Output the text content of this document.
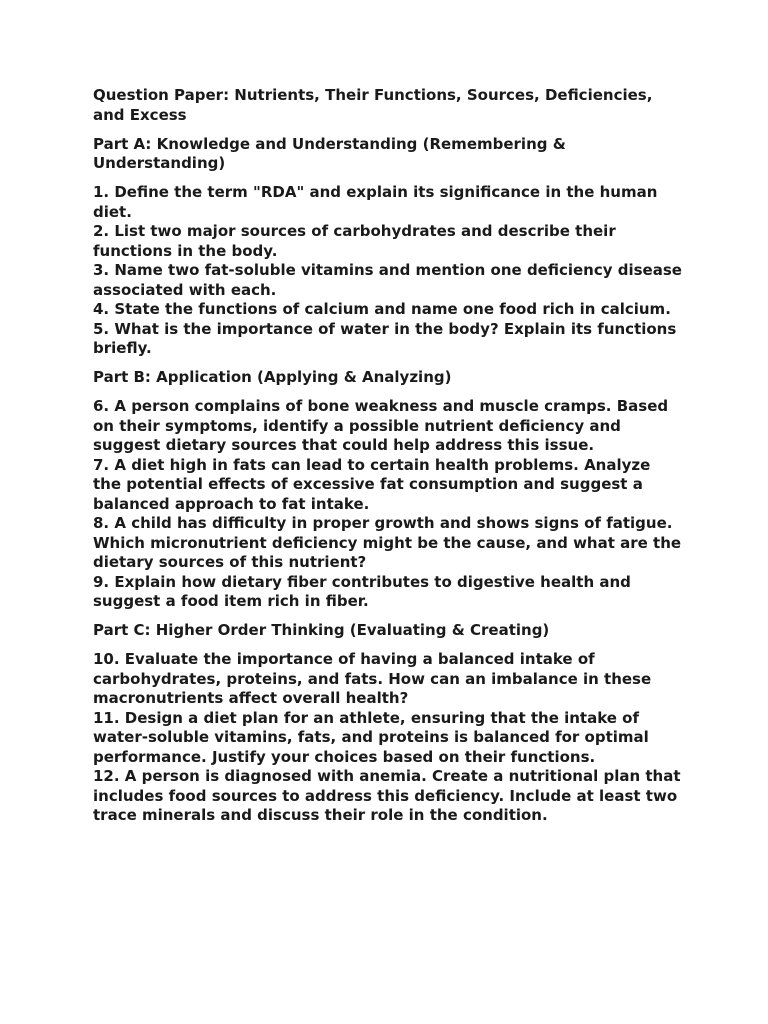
Question Paper: Nutrients, Their Functions, Sources, Deficiencies, and Excess

Part A: Knowledge and Understanding (Remembering & Understanding)

1. Define the term "RDA" and explain its significance in the human diet.
2. List two major sources of carbohydrates and describe their functions in the body.
3. Name two fat-soluble vitamins and mention one deficiency disease associated with each.
4. State the functions of calcium and name one food rich in calcium.
5. What is the importance of water in the body? Explain its functions briefly.

Part B: Application (Applying & Analyzing)

6. A person complains of bone weakness and muscle cramps. Based on their symptoms, identify a possible nutrient deficiency and suggest dietary sources that could help address this issue.
7. A diet high in fats can lead to certain health problems. Analyze the potential effects of excessive fat consumption and suggest a balanced approach to fat intake.
8. A child has difficulty in proper growth and shows signs of fatigue. Which micronutrient deficiency might be the cause, and what are the dietary sources of this nutrient?
9. Explain how dietary fiber contributes to digestive health and suggest a food item rich in fiber.

Part C: Higher Order Thinking (Evaluating & Creating)

10. Evaluate the importance of having a balanced intake of carbohydrates, proteins, and fats. How can an imbalance in these macronutrients affect overall health?
11. Design a diet plan for an athlete, ensuring that the intake of water-soluble vitamins, fats, and proteins is balanced for optimal performance. Justify your choices based on their functions.
12. A person is diagnosed with anemia. Create a nutritional plan that includes food sources to address this deficiency. Include at least two trace minerals and discuss their role in the condition.
